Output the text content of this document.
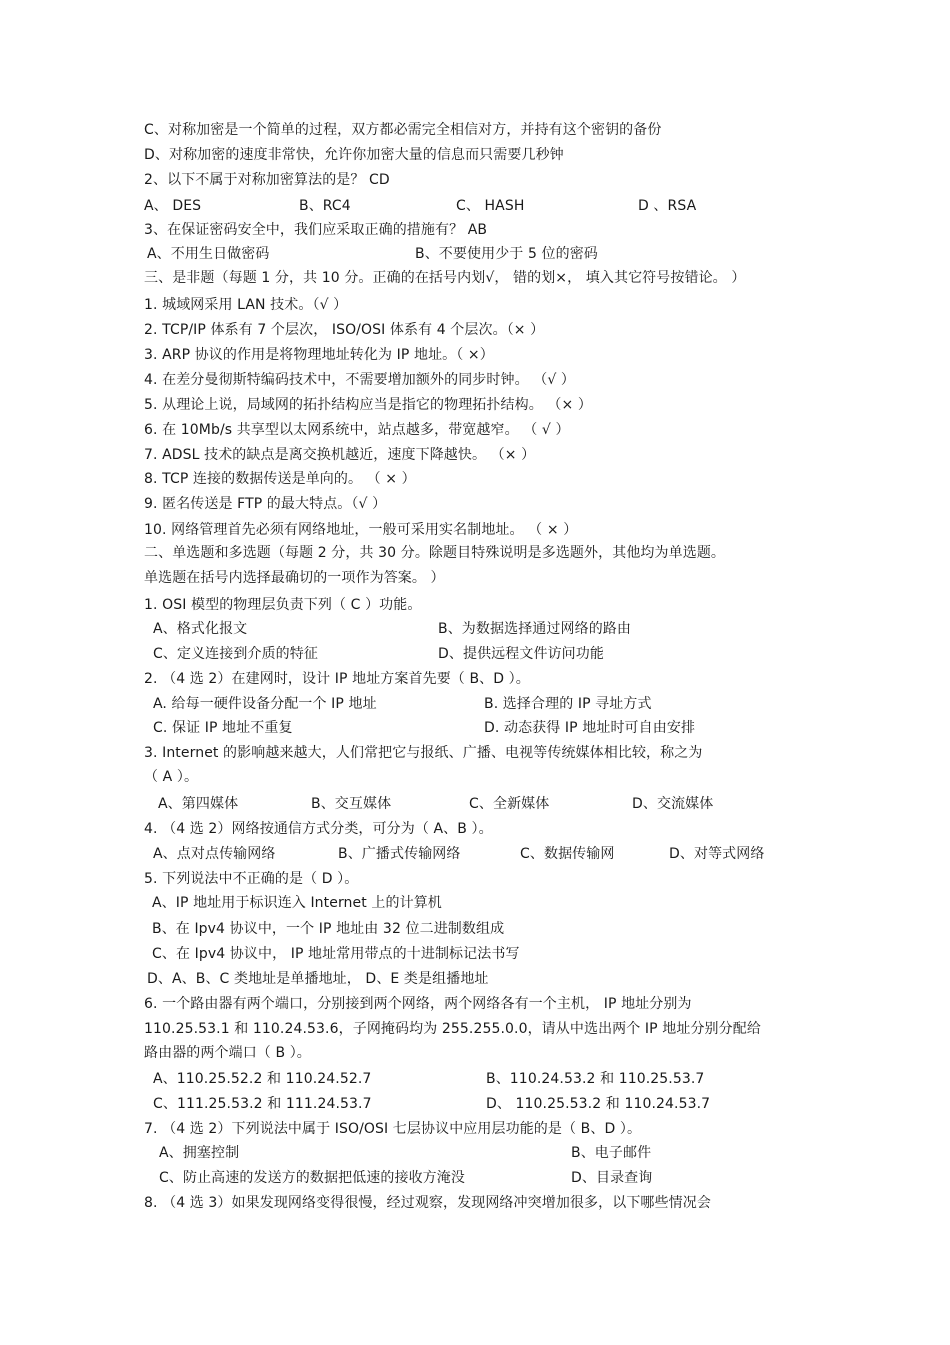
C、对称加密是一个简单的过程，双方都必需完全相信对方，并持有这个密钥的备份
D、对称加密的速度非常快，允许你加密大量的信息而只需要几秒钟
2、以下不属于对称加密算法的是？ CD
A、 DES	B、RC4	C、 HASH	D 、RSA
3、在保证密码安全中，我们应采取正确的措施有？ AB
A、不用生日做密码	B、不要使用少于 5 位的密码
三、是非题（每题 1 分，共 10 分。正确的在括号内划√， 错的划×， 填入其它符号按错论。 ）
1. 城域网采用 LAN 技术。（√ ）
2. TCP/IP 体系有 7 个层次， ISO/OSI 体系有 4 个层次。（× ）
3. ARP 协议的作用是将物理地址转化为 IP 地址。（ ×）
4. 在差分曼彻斯特编码技术中，不需要增加额外的同步时钟。 （√ ）
5. 从理论上说，局域网的拓扑结构应当是指它的物理拓扑结构。 （× ）
6. 在 10Mb/s 共享型以太网系统中，站点越多，带宽越窄。 （ √ ）
7. ADSL 技术的缺点是离交换机越近，速度下降越快。 （× ）
8. TCP 连接的数据传送是单向的。 （ × ）
9. 匿名传送是 FTP 的最大特点。（√ ）
10. 网络管理首先必须有网络地址，一般可采用实名制地址。 （ × ）
二、单选题和多选题（每题 2 分，共 30 分。除题目特殊说明是多选题外，其他均为单选题。
单选题在括号内选择最确切的一项作为答案。 ）
1. OSI 模型的物理层负责下列（ C ）功能。
A、格式化报文	B、为数据选择通过网络的路由
C、定义连接到介质的特征	D、提供远程文件访问功能
2. （4 选 2）在建网时，设计 IP 地址方案首先要（ B、D ）。
A. 给每一硬件设备分配一个 IP 地址	B. 选择合理的 IP 寻址方式
C. 保证 IP 地址不重复	D. 动态获得 IP 地址时可自由安排
3. Internet 的影响越来越大，人们常把它与报纸、广播、电视等传统媒体相比较，称之为
（ A ）。
A、第四媒体	B、交互媒体	C、全新媒体	D、交流媒体
4. （4 选 2）网络按通信方式分类，可分为（ A、B ）。
A、点对点传输网络	B、广播式传输网络	C、数据传输网	D、对等式网络
5. 下列说法中不正确的是（ D ）。
A、IP 地址用于标识连入 Internet 上的计算机
B、在 Ipv4 协议中，一个 IP 地址由 32 位二进制数组成
C、在 Ipv4 协议中， IP 地址常用带点的十进制标记法书写
D、A、B、C 类地址是单播地址， D、E 类是组播地址
6. 一个路由器有两个端口，分别接到两个网络，两个网络各有一个主机， IP 地址分别为
110.25.53.1 和 110.24.53.6，子网掩码均为 255.255.0.0，请从中选出两个 IP 地址分别分配给
路由器的两个端口（ B ）。
A、110.25.52.2 和 110.24.52.7	B、110.24.53.2 和 110.25.53.7
C、111.25.53.2 和 111.24.53.7	D、 110.25.53.2 和 110.24.53.7
7. （4 选 2）下列说法中属于 ISO/OSI 七层协议中应用层功能的是（ B、D ）。
A、拥塞控制	B、电子邮件
C、防止高速的发送方的数据把低速的接收方淹没	D、目录查询
8. （4 选 3）如果发现网络变得很慢，经过观察，发现网络冲突增加很多，以下哪些情况会
